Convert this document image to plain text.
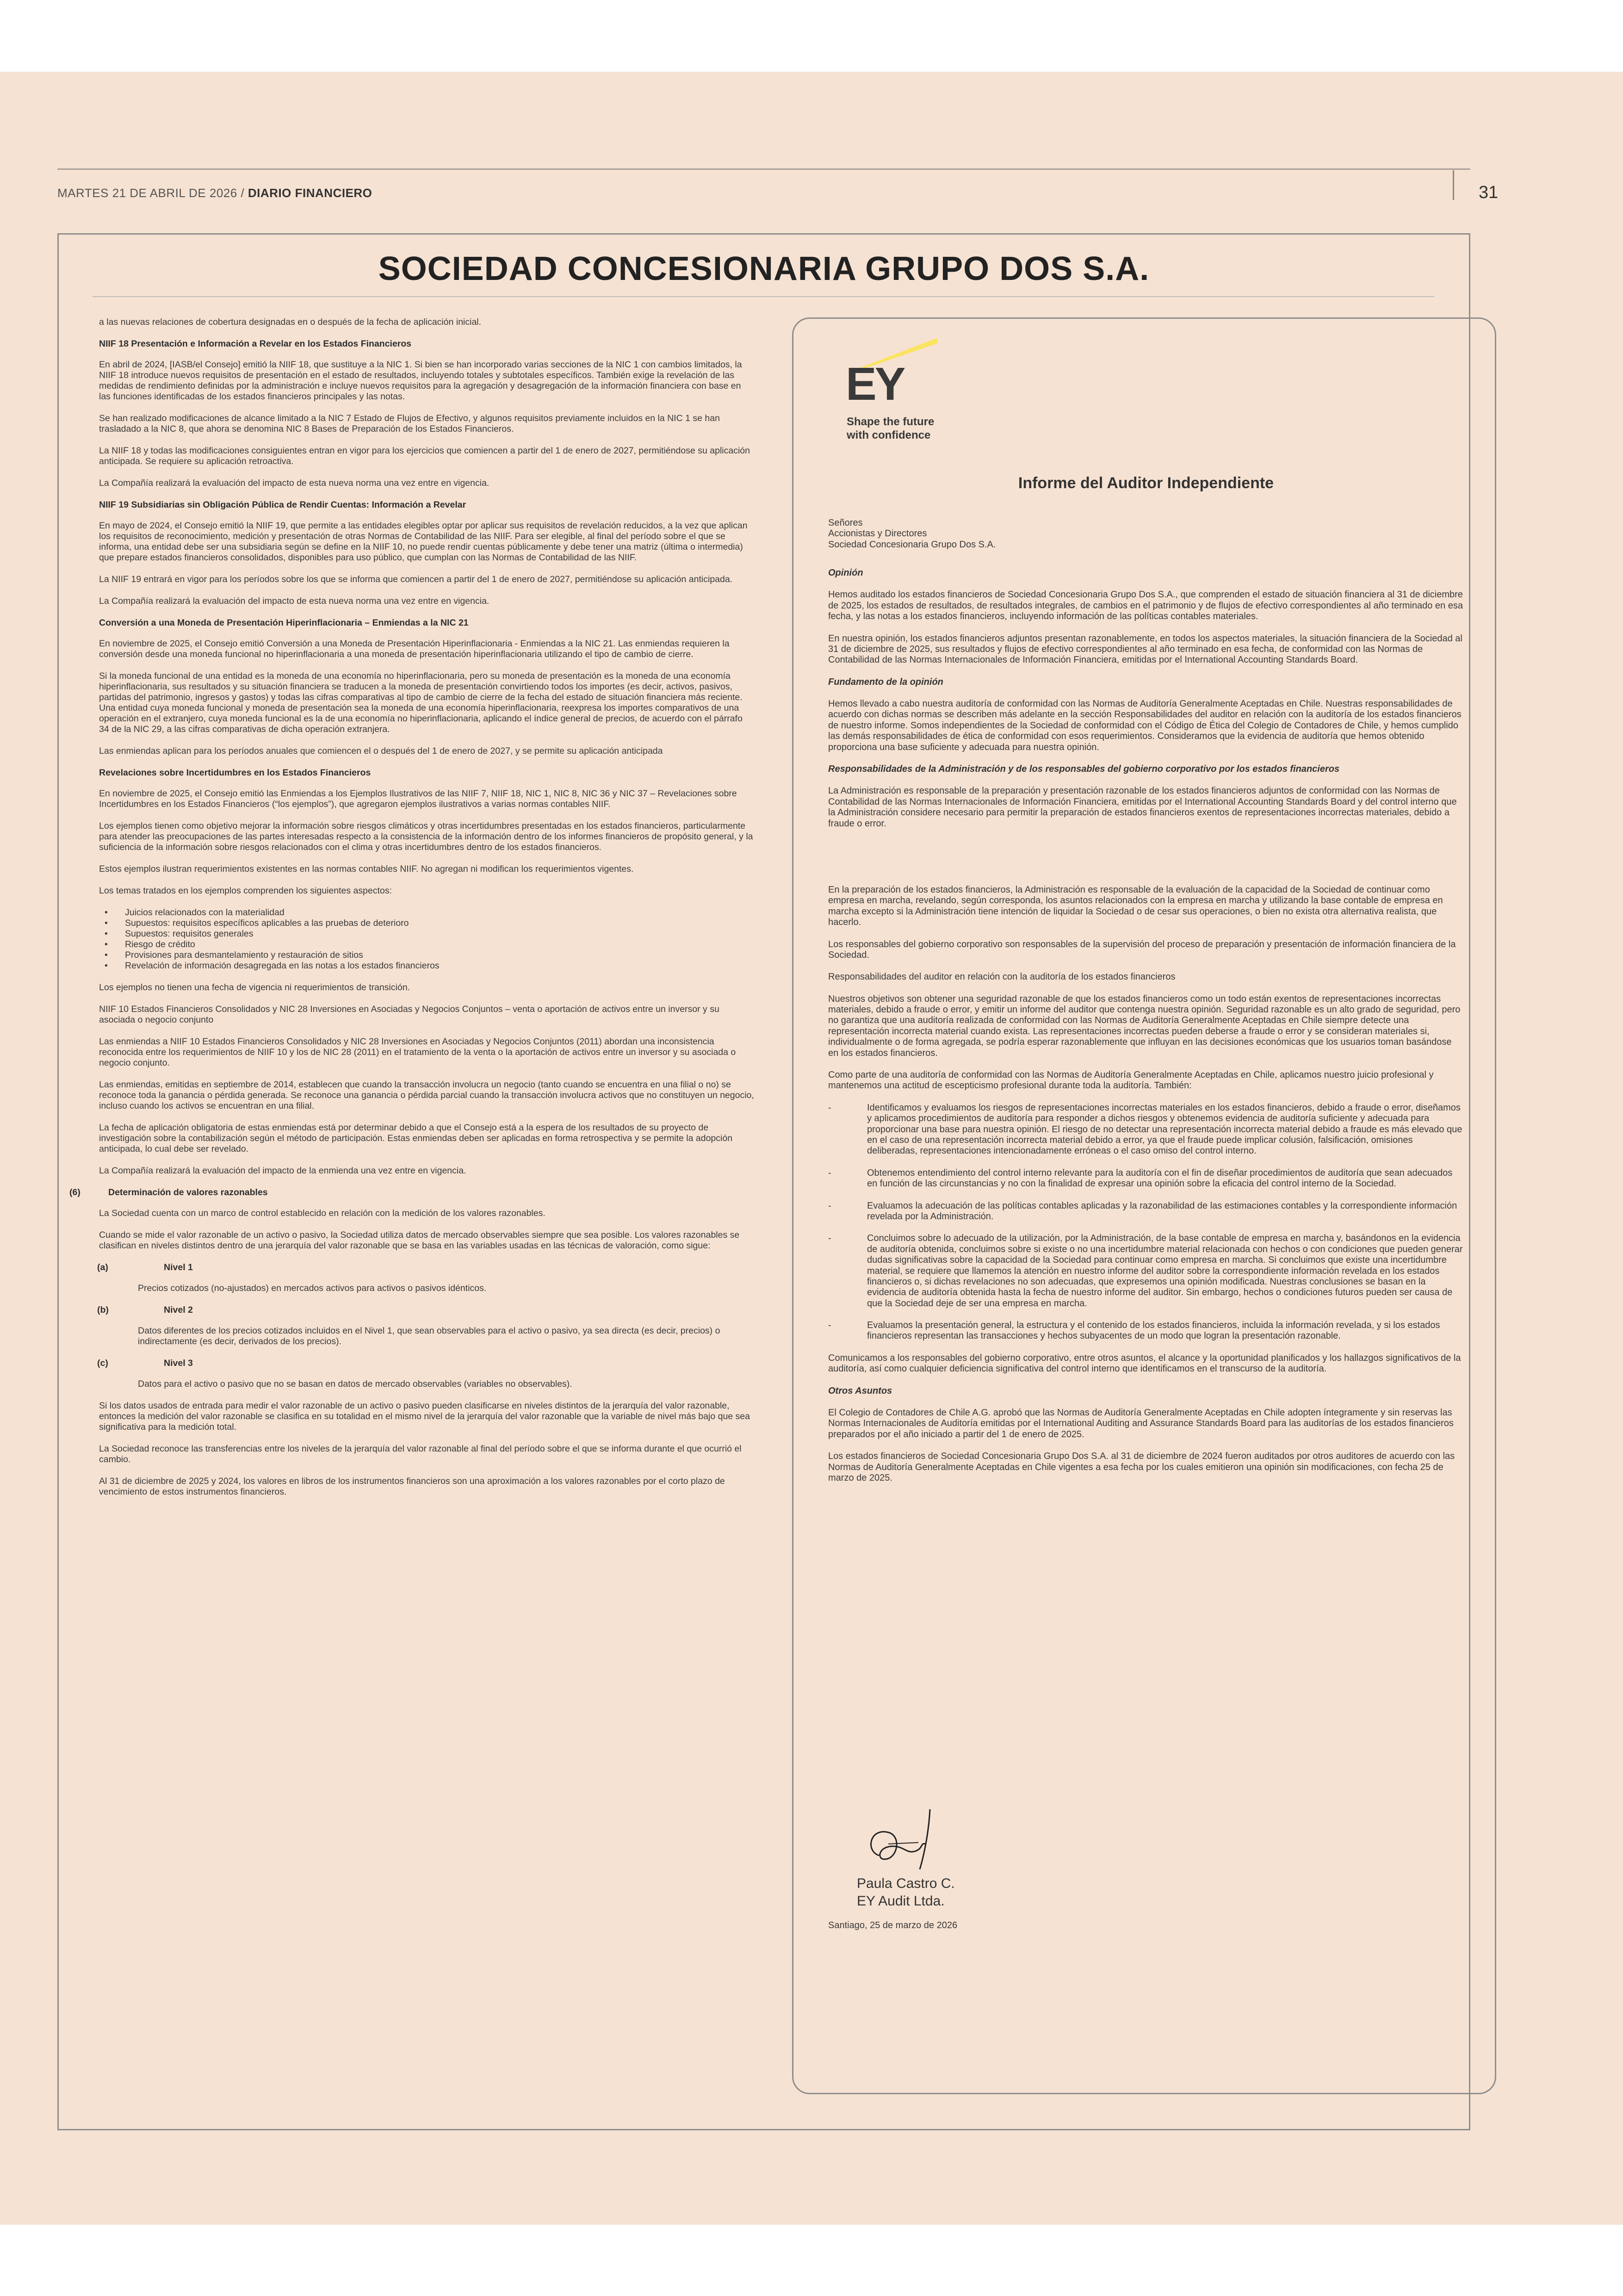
MARTES 21 DE ABRIL DE 2026 / DIARIO FINANCIERO	31
SOCIEDAD CONCESIONARIA GRUPO DOS S.A.

a las nuevas relaciones de cobertura designadas en o después de la fecha de aplicación inicial.

NIIF 18 Presentación e Información a Revelar en los Estados Financieros

En abril de 2024, [IASB/el Consejo] emitió la NIIF 18, que sustituye a la NIC 1. Si bien se han incorporado varias secciones de la NIC 1 con cambios limitados, la NIIF 18 introduce nuevos requisitos de presentación en el estado de resultados, incluyendo totales y subtotales específicos. También exige la revelación de las medidas de rendimiento definidas por la administración e incluye nuevos requisitos para la agregación y desagregación de la información financiera con base en las funciones identificadas de los estados financieros principales y las notas.

Se han realizado modificaciones de alcance limitado a la NIC 7 Estado de Flujos de Efectivo, y algunos requisitos previamente incluidos en la NIC 1 se han trasladado a la NIC 8, que ahora se denomina NIC 8 Bases de Preparación de los Estados Financieros.

La NIIF 18 y todas las modificaciones consiguientes entran en vigor para los ejercicios que comiencen a partir del 1 de enero de 2027, permitiéndose su aplicación anticipada. Se requiere su aplicación retroactiva.

La Compañía realizará la evaluación del impacto de esta nueva norma una vez entre en vigencia.

NIIF 19 Subsidiarias sin Obligación Pública de Rendir Cuentas: Información a Revelar

En mayo de 2024, el Consejo emitió la NIIF 19, que permite a las entidades elegibles optar por aplicar sus requisitos de revelación reducidos, a la vez que aplican los requisitos de reconocimiento, medición y presentación de otras Normas de Contabilidad de las NIIF. Para ser elegible, al final del período sobre el que se informa, una entidad debe ser una subsidiaria según se define en la NIIF 10, no puede rendir cuentas públicamente y debe tener una matriz (última o intermedia) que prepare estados financieros consolidados, disponibles para uso público, que cumplan con las Normas de Contabilidad de las NIIF.

La NIIF 19 entrará en vigor para los períodos sobre los que se informa que comiencen a partir del 1 de enero de 2027, permitiéndose su aplicación anticipada.

La Compañía realizará la evaluación del impacto de esta nueva norma una vez entre en vigencia.

Conversión a una Moneda de Presentación Hiperinflacionaria – Enmiendas a la NIC 21

En noviembre de 2025, el Consejo emitió Conversión a una Moneda de Presentación Hiperinflacionaria - Enmiendas a la NIC 21. Las enmiendas requieren la conversión desde una moneda funcional no hiperinflacionaria a una moneda de presentación hiperinflacionaria utilizando el tipo de cambio de cierre.

Si la moneda funcional de una entidad es la moneda de una economía no hiperinflacionaria, pero su moneda de presentación es la moneda de una economía hiperinflacionaria, sus resultados y su situación financiera se traducen a la moneda de presentación convirtiendo todos los importes (es decir, activos, pasivos, partidas del patrimonio, ingresos y gastos) y todas las cifras comparativas al tipo de cambio de cierre de la fecha del estado de situación financiera más reciente. Una entidad cuya moneda funcional y moneda de presentación sea la moneda de una economía hiperinflacionaria, reexpresa los importes comparativos de una operación en el extranjero, cuya moneda funcional es la de una economía no hiperinflacionaria, aplicando el índice general de precios, de acuerdo con el párrafo 34 de la NIC 29, a las cifras comparativas de dicha operación extranjera.

Las enmiendas aplican para los períodos anuales que comiencen el o después del 1 de enero de 2027, y se permite su aplicación anticipada

Revelaciones sobre Incertidumbres en los Estados Financieros

En noviembre de 2025, el Consejo emitió las Enmiendas a los Ejemplos Ilustrativos de las NIIF 7, NIIF 18, NIC 1, NIC 8, NIC 36 y NIC 37 – Revelaciones sobre Incertidumbres en los Estados Financieros (“los ejemplos”), que agregaron ejemplos ilustrativos a varias normas contables NIIF.

Los ejemplos tienen como objetivo mejorar la información sobre riesgos climáticos y otras incertidumbres presentadas en los estados financieros, particularmente para atender las preocupaciones de las partes interesadas respecto a la consistencia de la información dentro de los informes financieros de propósito general, y la suficiencia de la información sobre riesgos relacionados con el clima y otras incertidumbres dentro de los estados financieros.

Estos ejemplos ilustran requerimientos existentes en las normas contables NIIF. No agregan ni modifican los requerimientos vigentes.

Los temas tratados en los ejemplos comprenden los siguientes aspectos:

• Juicios relacionados con la materialidad
• Supuestos: requisitos específicos aplicables a las pruebas de deterioro
• Supuestos: requisitos generales
• Riesgo de crédito
• Provisiones para desmantelamiento y restauración de sitios
• Revelación de información desagregada en las notas a los estados financieros

Los ejemplos no tienen una fecha de vigencia ni requerimientos de transición.

NIIF 10 Estados Financieros Consolidados y NIC 28 Inversiones en Asociadas y Negocios Conjuntos – venta o aportación de activos entre un inversor y su asociada o negocio conjunto

Las enmiendas a NIIF 10 Estados Financieros Consolidados y NIC 28 Inversiones en Asociadas y Negocios Conjuntos (2011) abordan una inconsistencia reconocida entre los requerimientos de NIIF 10 y los de NIC 28 (2011) en el tratamiento de la venta o la aportación de activos entre un inversor y su asociada o negocio conjunto.

Las enmiendas, emitidas en septiembre de 2014, establecen que cuando la transacción involucra un negocio (tanto cuando se encuentra en una filial o no) se reconoce toda la ganancia o pérdida generada. Se reconoce una ganancia o pérdida parcial cuando la transacción involucra activos que no constituyen un negocio, incluso cuando los activos se encuentran en una filial.

La fecha de aplicación obligatoria de estas enmiendas está por determinar debido a que el Consejo está a la espera de los resultados de su proyecto de investigación sobre la contabilización según el método de participación. Estas enmiendas deben ser aplicadas en forma retrospectiva y se permite la adopción anticipada, lo cual debe ser revelado.

La Compañía realizará la evaluación del impacto de la enmienda una vez entre en vigencia.

(6)	Determinación de valores razonables

La Sociedad cuenta con un marco de control establecido en relación con la medición de los valores razonables.

Cuando se mide el valor razonable de un activo o pasivo, la Sociedad utiliza datos de mercado observables siempre que sea posible. Los valores razonables se clasifican en niveles distintos dentro de una jerarquía del valor razonable que se basa en las variables usadas en las técnicas de valoración, como sigue:

(a)	Nivel 1

Precios cotizados (no-ajustados) en mercados activos para activos o pasivos idénticos.

(b)	Nivel 2

Datos diferentes de los precios cotizados incluidos en el Nivel 1, que sean observables para el activo o pasivo, ya sea directa (es decir, precios) o indirectamente (es decir, derivados de los precios).

(c)	Nivel 3

Datos para el activo o pasivo que no se basan en datos de mercado observables (variables no observables).

Si los datos usados de entrada para medir el valor razonable de un activo o pasivo pueden clasificarse en niveles distintos de la jerarquía del valor razonable, entonces la medición del valor razonable se clasifica en su totalidad en el mismo nivel de la jerarquía del valor razonable que la variable de nivel más bajo que sea significativa para la medición total.

La Sociedad reconoce las transferencias entre los niveles de la jerarquía del valor razonable al final del período sobre el que se informa durante el que ocurrió el cambio.

Al 31 de diciembre de 2025 y 2024, los valores en libros de los instrumentos financieros son una aproximación a los valores razonables por el corto plazo de vencimiento de estos instrumentos financieros.

EY
Shape the future
with confidence
Informe del Auditor Independiente

Señores
Accionistas y Directores
Sociedad Concesionaria Grupo Dos S.A.

Opinión

Hemos auditado los estados financieros de Sociedad Concesionaria Grupo Dos S.A., que comprenden el estado de situación financiera al 31 de diciembre de 2025, los estados de resultados, de resultados integrales, de cambios en el patrimonio y de flujos de efectivo correspondientes al año terminado en esa fecha, y las notas a los estados financieros, incluyendo información de las políticas contables materiales.

En nuestra opinión, los estados financieros adjuntos presentan razonablemente, en todos los aspectos materiales, la situación financiera de la Sociedad al 31 de diciembre de 2025, sus resultados y flujos de efectivo correspondientes al año terminado en esa fecha, de conformidad con las Normas de Contabilidad de las Normas Internacionales de Información Financiera, emitidas por el International Accounting Standards Board.

Fundamento de la opinión

Hemos llevado a cabo nuestra auditoría de conformidad con las Normas de Auditoría Generalmente Aceptadas en Chile. Nuestras responsabilidades de acuerdo con dichas normas se describen más adelante en la sección Responsabilidades del auditor en relación con la auditoría de los estados financieros de nuestro informe. Somos independientes de la Sociedad de conformidad con el Código de Ética del Colegio de Contadores de Chile, y hemos cumplido las demás responsabilidades de ética de conformidad con esos requerimientos. Consideramos que la evidencia de auditoría que hemos obtenido proporciona una base suficiente y adecuada para nuestra opinión.

Responsabilidades de la Administración y de los responsables del gobierno corporativo por los estados financieros

La Administración es responsable de la preparación y presentación razonable de los estados financieros adjuntos de conformidad con las Normas de Contabilidad de las Normas Internacionales de Información Financiera, emitidas por el International Accounting Standards Board y del control interno que la Administración considere necesario para permitir la preparación de estados financieros exentos de representaciones incorrectas materiales, debido a fraude o error.

En la preparación de los estados financieros, la Administración es responsable de la evaluación de la capacidad de la Sociedad de continuar como empresa en marcha, revelando, según corresponda, los asuntos relacionados con la empresa en marcha y utilizando la base contable de empresa en marcha excepto si la Administración tiene intención de liquidar la Sociedad o de cesar sus operaciones, o bien no exista otra alternativa realista, que hacerlo.

Los responsables del gobierno corporativo son responsables de la supervisión del proceso de preparación y presentación de información financiera de la Sociedad.

Responsabilidades del auditor en relación con la auditoría de los estados financieros

Nuestros objetivos son obtener una seguridad razonable de que los estados financieros como un todo están exentos de representaciones incorrectas materiales, debido a fraude o error, y emitir un informe del auditor que contenga nuestra opinión. Seguridad razonable es un alto grado de seguridad, pero no garantiza que una auditoría realizada de conformidad con las Normas de Auditoría Generalmente Aceptadas en Chile siempre detecte una representación incorrecta material cuando exista. Las representaciones incorrectas pueden deberse a fraude o error y se consideran materiales si, individualmente o de forma agregada, se podría esperar razonablemente que influyan en las decisiones económicas que los usuarios toman basándose en los estados financieros.

Como parte de una auditoría de conformidad con las Normas de Auditoría Generalmente Aceptadas en Chile, aplicamos nuestro juicio profesional y mantenemos una actitud de escepticismo profesional durante toda la auditoría. También:

-	Identificamos y evaluamos los riesgos de representaciones incorrectas materiales en los estados financieros, debido a fraude o error, diseñamos y aplicamos procedimientos de auditoría para responder a dichos riesgos y obtenemos evidencia de auditoría suficiente y adecuada para proporcionar una base para nuestra opinión. El riesgo de no detectar una representación incorrecta material debido a fraude es más elevado que en el caso de una representación incorrecta material debido a error, ya que el fraude puede implicar colusión, falsificación, omisiones deliberadas, representaciones intencionadamente erróneas o el caso omiso del control interno.
-	Obtenemos entendimiento del control interno relevante para la auditoría con el fin de diseñar procedimientos de auditoría que sean adecuados en función de las circunstancias y no con la finalidad de expresar una opinión sobre la eficacia del control interno de la Sociedad.
-	Evaluamos la adecuación de las políticas contables aplicadas y la razonabilidad de las estimaciones contables y la correspondiente información revelada por la Administración.
-	Concluimos sobre lo adecuado de la utilización, por la Administración, de la base contable de empresa en marcha y, basándonos en la evidencia de auditoría obtenida, concluimos sobre si existe o no una incertidumbre material relacionada con hechos o con condiciones que pueden generar dudas significativas sobre la capacidad de la Sociedad para continuar como empresa en marcha. Si concluimos que existe una incertidumbre material, se requiere que llamemos la atención en nuestro informe del auditor sobre la correspondiente información revelada en los estados financieros o, si dichas revelaciones no son adecuadas, que expresemos una opinión modificada. Nuestras conclusiones se basan en la evidencia de auditoría obtenida hasta la fecha de nuestro informe del auditor. Sin embargo, hechos o condiciones futuros pueden ser causa de que la Sociedad deje de ser una empresa en marcha.
-	Evaluamos la presentación general, la estructura y el contenido de los estados financieros, incluida la información revelada, y si los estados financieros representan las transacciones y hechos subyacentes de un modo que logran la presentación razonable.

Comunicamos a los responsables del gobierno corporativo, entre otros asuntos, el alcance y la oportunidad planificados y los hallazgos significativos de la auditoría, así como cualquier deficiencia significativa del control interno que identificamos en el transcurso de la auditoría.

Otros Asuntos

El Colegio de Contadores de Chile A.G. aprobó que las Normas de Auditoría Generalmente Aceptadas en Chile adopten íntegramente y sin reservas las Normas Internacionales de Auditoría emitidas por el International Auditing and Assurance Standards Board para las auditorías de los estados financieros preparados por el año iniciado a partir del 1 de enero de 2025.

Los estados financieros de Sociedad Concesionaria Grupo Dos S.A. al 31 de diciembre de 2024 fueron auditados por otros auditores de acuerdo con las Normas de Auditoría Generalmente Aceptadas en Chile vigentes a esa fecha por los cuales emitieron una opinión sin modificaciones, con fecha 25 de marzo de 2025.

Paula Castro C.
EY Audit Ltda.
Santiago, 25 de marzo de 2026
